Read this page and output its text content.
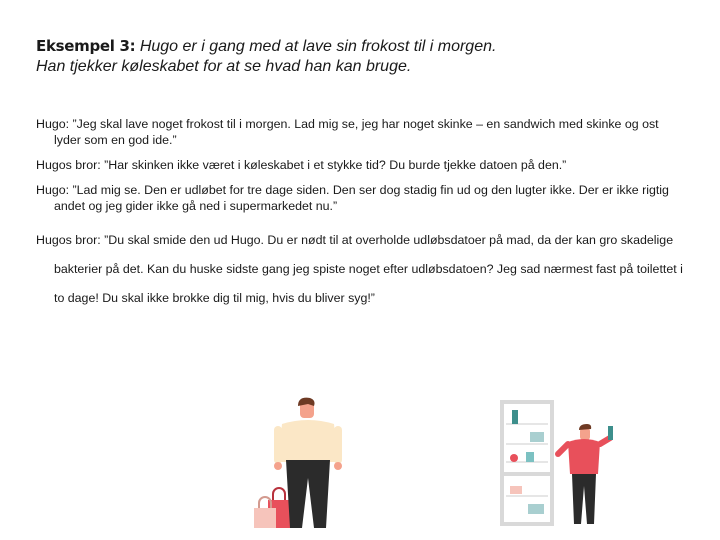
Eksempel 3: Hugo er i gang med at lave sin frokost til i morgen.
Han tjekker køleskabet for at se hvad han kan bruge.

Hugo: ”Jeg skal lave noget frokost til i morgen. Lad mig se, jeg har noget skinke – en sandwich med skinke og ost lyder som en god ide.”

Hugos bror: ”Har skinken ikke været i køleskabet i et stykke tid? Du burde tjekke datoen på den.”

Hugo: ”Lad mig se. Den er udløbet for tre dage siden. Den ser dog stadig fin ud og den lugter ikke. Der er ikke rigtig andet og jeg gider ikke gå ned i supermarkedet nu.”

Hugos bror: ”Du skal smide den ud Hugo. Du er nødt til at overholde udløbsdatoer på mad, da der kan gro skadelige bakterier på det. Kan du huske sidste gang jeg spiste noget efter udløbsdatoen? Jeg sad nærmest fast på toilettet i to dage! Du skal ikke brokke dig til mig, hvis du bliver syg!”
